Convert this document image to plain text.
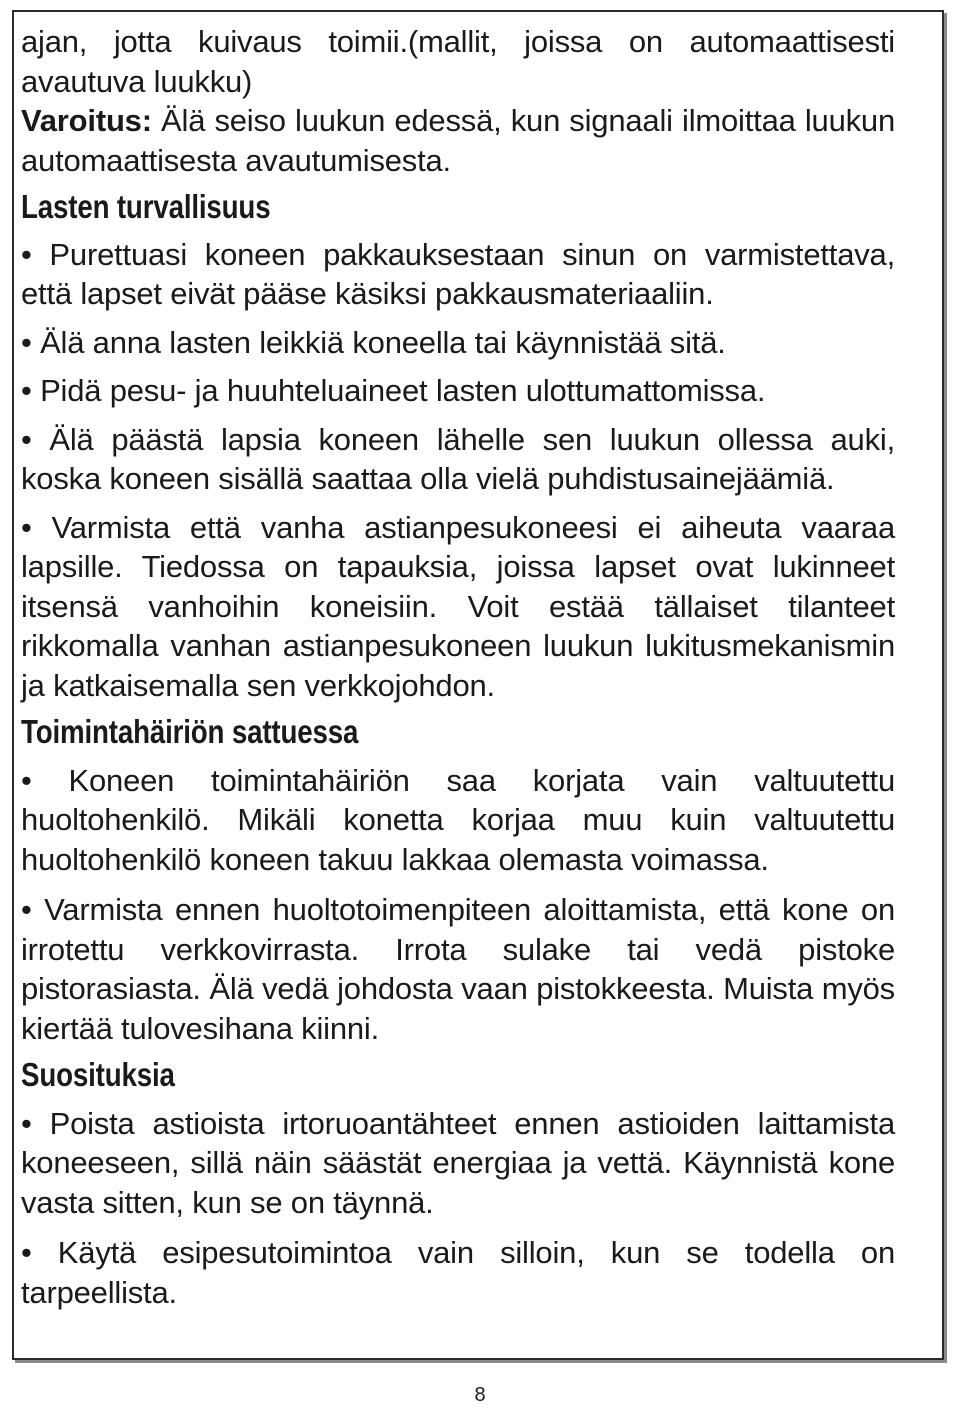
ajan, jotta kuivaus toimii.(mallit, joissa on automaattisesti avautuva luukku)

Varoitus: Älä seiso luukun edessä, kun signaali ilmoittaa luukun automaattisesta avautumisesta.

Lasten turvallisuus

• Purettuasi koneen pakkauksestaan sinun on varmistettava, että lapset eivät pääse käsiksi pakkausmateriaaliin.

• Älä anna lasten leikkiä koneella tai käynnistää sitä.

• Pidä pesu- ja huuhteluaineet lasten ulottumattomissa.

• Älä päästä lapsia koneen lähelle sen luukun ollessa auki, koska koneen sisällä saattaa olla vielä puhdistusainejäämiä.

• Varmista että vanha astianpesukoneesi ei aiheuta vaaraa lapsille. Tiedossa on tapauksia, joissa lapset ovat lukinneet itsensä vanhoihin koneisiin. Voit estää tällaiset tilanteet rikkomalla vanhan astianpesukoneen luukun lukitusmekanismin ja katkaisemalla sen verkkojohdon.

Toimintahäiriön sattuessa

• Koneen toimintahäiriön saa korjata vain valtuutettu huoltohenkilö. Mikäli konetta korjaa muu kuin valtuutettu huoltohenkilö koneen takuu lakkaa olemasta voimassa.

• Varmista ennen huoltotoimenpiteen aloittamista, että kone on irrotettu verkkovirrasta. Irrota sulake tai vedä pistoke pistorasiasta. Älä vedä johdosta vaan pistokkeesta. Muista myös kiertää tulovesihana kiinni.

Suosituksia

• Poista astioista irtoruoantähteet ennen astioiden laittamista koneeseen, sillä näin säästät energiaa ja vettä. Käynnistä kone vasta sitten, kun se on täynnä.

• Käytä esipesutoimintoa vain silloin, kun se todella on tarpeellista.

8
